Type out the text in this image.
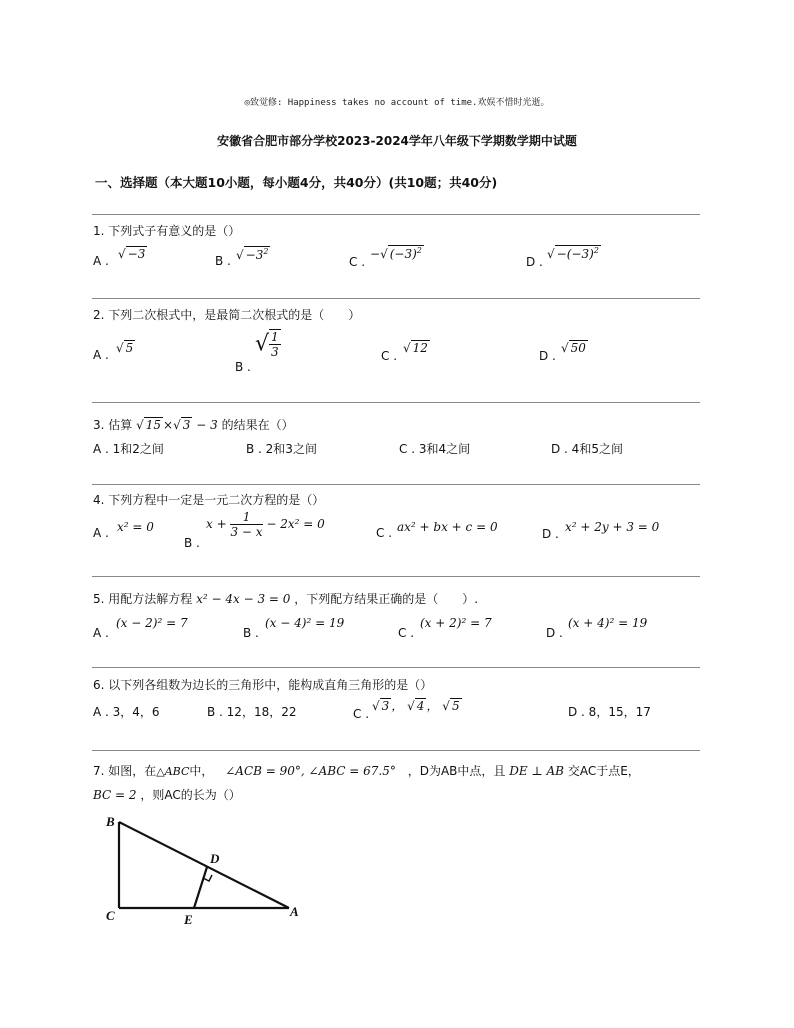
◎致觉修: Happiness takes no account of time.欢娱不惜时光逝。
安徽省合肥市部分学校2023-2024学年八年级下学期数学期中试题
一、选择题（本大题10小题，每小题4分，共40分）(共10题；共40分)
1. 下列式子有意义的是（）
A . √ −3	B . √ $-3^2$
C .
−√ $(-3)^2$
D .
√ $-(-3)^2$
2. 下列二次根式中，是最简二次根式的是（　　）
A . √ 5
B .
√ $\frac{1}{3}$	C .
√ 12
D .
√ 50
3. 估算 √ 15 ×√ 3 − 3 的结果在（）
A . 1和2之间	B . 2和3之间	C . 3和4之间	D . 4和5之间
4. 下列方程中一定是一元二次方程的是（）
A . x² = 0
B .
$x + \frac{1}{3 - x} - 2x^2 = 0$
C . ax² + bx + c = 0	D . x² + 2y + 3 = 0
5. 用配方法解方程 x² − 4x − 3 = 0 ，下列配方结果正确的是（　　）.
A .
(x − 2)² = 7
B .
(x − 4)² = 19
C .
(x + 2)² = 7
D .
(x + 4)² = 19
6. 以下列各组数为边长的三角形中，能构成直角三角形的是（）
A . 3，4，6	B . 12，18，22	C .
√ 3 ， √ 4 ， √ 5	D . 8，15，17
7. 如图，在△ABC中， ∠ACB = 90°, ∠ABC = 67.5° ，D为AB中点，且 DE ⊥ AB 交AC于点E，
BC = 2 ，则AC的长为（）
B
C
D
E
A
